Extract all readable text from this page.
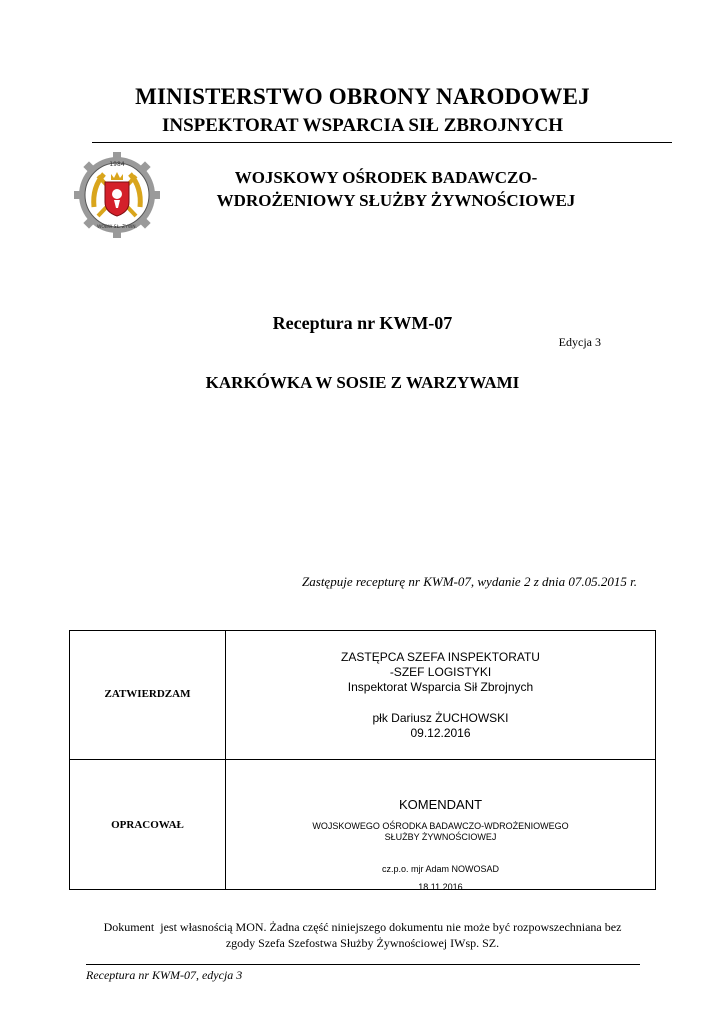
MINISTERSTWO OBRONY NARODOWEJ
INSPEKTORAT WSPARCIA SIŁ ZBROJNYCH
1984
WOBW SŁ. ŻYWN.
WOJSKOWY OŚRODEK BADAWCZO-
WDROŻENIOWY SŁUŻBY ŻYWNOŚCIOWEJ
Receptura nr KWM-07
Edycja 3
KARKÓWKA W SOSIE Z WARZYWAMI
Zastępuje recepturę nr KWM-07, wydanie 2 z dnia 07.05.2015 r.
ZATWIERDZAM
ZASTĘPCA SZEFA INSPEKTORATU
-SZEF LOGISTYKI
Inspektorat Wsparcia Sił Zbrojnych
płk Dariusz ŻUCHOWSKI
09.12.2016
OPRACOWAŁ
KOMENDANT
WOJSKOWEGO OŚRODKA BADAWCZO-WDROŻENIOWEGO
SŁUŻBY ŻYWNOŚCIOWEJ
cz.p.o. mjr Adam NOWOSAD
18.11.2016
Dokument  jest własnością MON. Żadna część niniejszego dokumentu nie może być rozpowszechniana bez
zgody Szefa Szefostwa Służby Żywnościowej IWsp. SZ.
Receptura nr KWM-07, edycja 3
